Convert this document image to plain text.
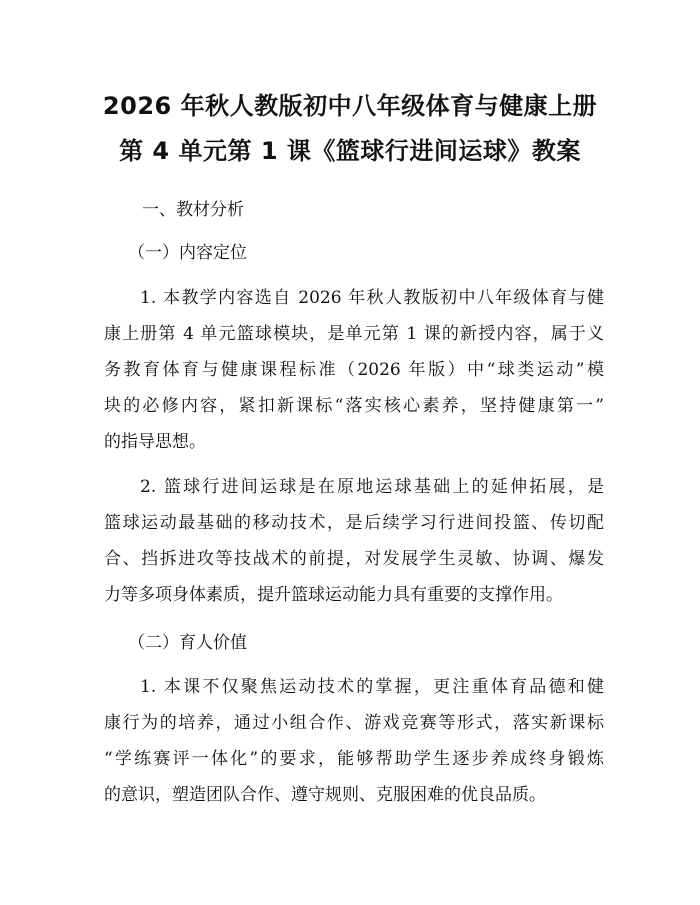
2026 年秋人教版初中八年级体育与健康上册
第 4 单元第 1 课《篮球行进间运球》教案
一、教材分析
（一）内容定位
1. 本教学内容选自 2026 年秋人教版初中八年级体育与健
康上册第 4 单元篮球模块，是单元第 1 课的新授内容，属于义
务教育体育与健康课程标准（2026 年版）中“球类运动”模
块的必修内容，紧扣新课标“落实核心素养，坚持健康第一”
的指导思想。
2. 篮球行进间运球是在原地运球基础上的延伸拓展，是
篮球运动最基础的移动技术，是后续学习行进间投篮、传切配
合、挡拆进攻等技战术的前提，对发展学生灵敏、协调、爆发
力等多项身体素质，提升篮球运动能力具有重要的支撑作用。
（二）育人价值
1. 本课不仅聚焦运动技术的掌握，更注重体育品德和健
康行为的培养，通过小组合作、游戏竞赛等形式，落实新课标
“学练赛评一体化”的要求，能够帮助学生逐步养成终身锻炼
的意识，塑造团队合作、遵守规则、克服困难的优良品质。
